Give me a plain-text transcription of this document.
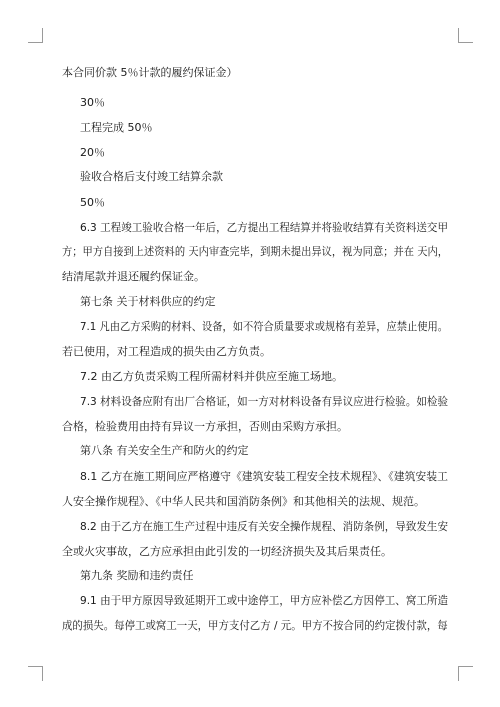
本合同价款 5％计款的履约保证金）
30％
工程完成 50％
20％
验收合格后支付竣工结算余款
50％
6.3 工程竣工验收合格一年后，乙方提出工程结算并将验收结算有关资料送交甲
方；甲方自接到上述资料的 天内审查完毕，到期未提出异议，视为同意；并在 天内，
结清尾款并退还履约保证金。
第七条 关于材料供应的约定
7.1 凡由乙方采购的材料、设备，如不符合质量要求或规格有差异，应禁止使用。
若已使用，对工程造成的损失由乙方负责。
7.2 由乙方负责采购工程所需材料并供应至施工场地。
7.3 材料设备应附有出厂合格证，如一方对材料设备有异议应进行检验。如检验
合格，检验费用由持有异议一方承担，否则由采购方承担。
第八条 有关安全生产和防火的约定
8.1 乙方在施工期间应严格遵守《建筑安装工程安全技术规程》、《建筑安装工
人安全操作规程》、《中华人民共和国消防条例》和其他相关的法规、规范。
8.2 由于乙方在施工生产过程中违反有关安全操作规程、消防条例，导致发生安
全或火灾事故，乙方应承担由此引发的一切经济损失及其后果责任。
第九条 奖励和违约责任
9.1 由于甲方原因导致延期开工或中途停工，甲方应补偿乙方因停工、窝工所造
成的损失。每停工或窝工一天，甲方支付乙方 / 元。甲方不按合同的约定拨付款，每
